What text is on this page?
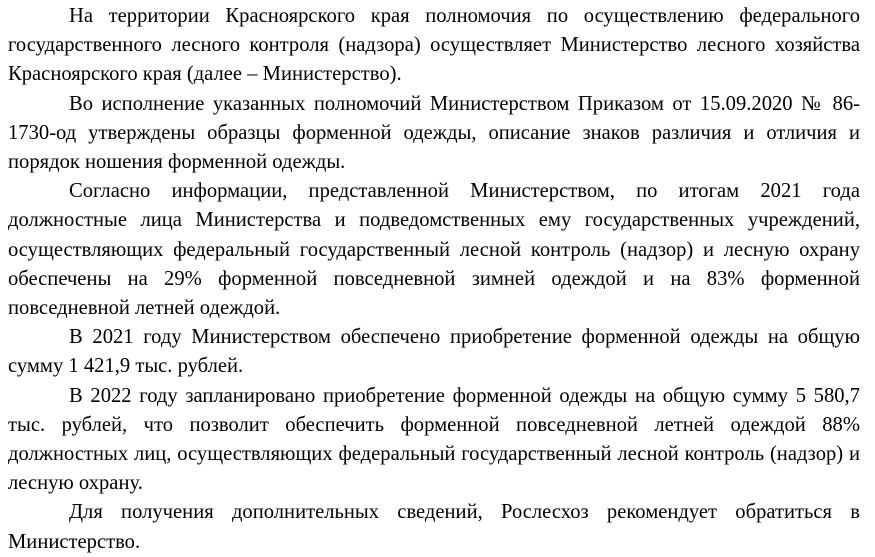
На территории Красноярского края полномочия по осуществлению федерального государственного лесного контроля (надзора) осуществляет Министерство лесного хозяйства Красноярского края (далее – Министерство).

Во исполнение указанных полномочий Министерством Приказом от 15.09.2020 № 86-1730-од утверждены образцы форменной одежды, описание знаков различия и отличия и порядок ношения форменной одежды.

Согласно информации, представленной Министерством, по итогам 2021 года должностные лица Министерства и подведомственных ему государственных учреждений, осуществляющих федеральный государственный лесной контроль (надзор) и лесную охрану обеспечены на 29% форменной повседневной зимней одеждой и на 83% форменной повседневной летней одеждой.

В 2021 году Министерством обеспечено приобретение форменной одежды на общую сумму 1 421,9 тыс. рублей.

В 2022 году запланировано приобретение форменной одежды на общую сумму 5 580,7 тыс. рублей, что позволит обеспечить форменной повседневной летней одеждой 88% должностных лиц, осуществляющих федеральный государственный лесной контроль (надзор) и лесную охрану.

Для получения дополнительных сведений, Рослесхоз рекомендует обратиться в Министерство.
